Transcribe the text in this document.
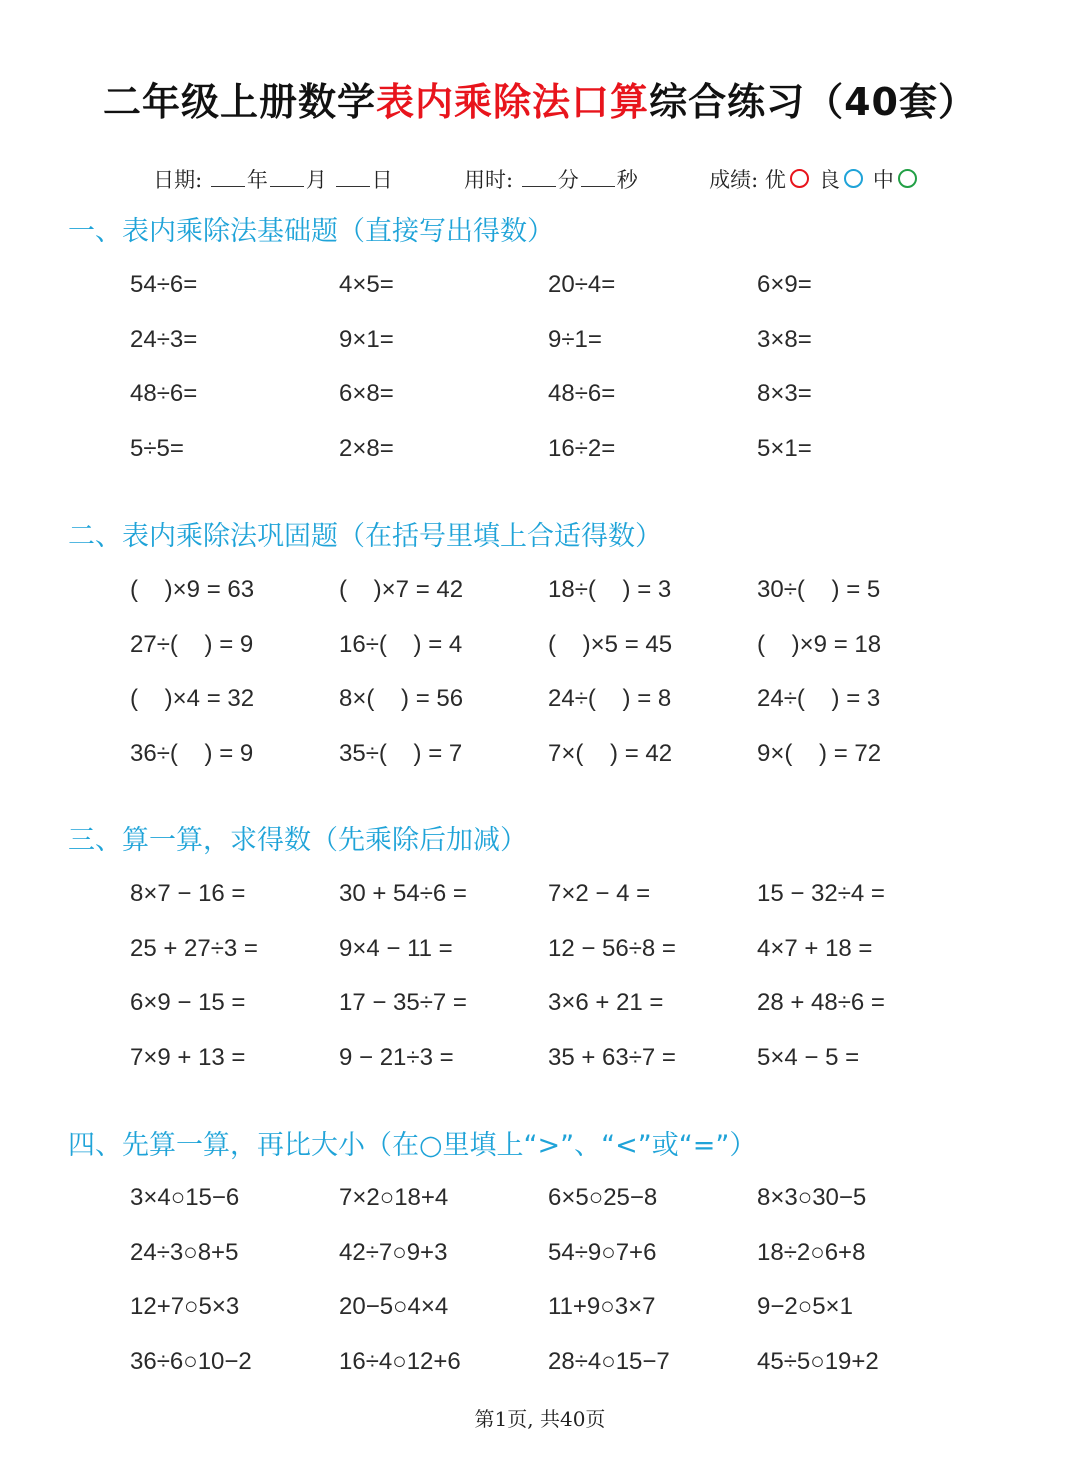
二年级上册数学表内乘除法口算综合练习（40套）
日期: 年 月 日	用时: 分 秒	成绩: 优 良 中
一、表内乘除法基础题（直接写出得数）
54÷6=	4×5=	20÷4=	6×9=
24÷3=	9×1=	9÷1=	3×8=
48÷6=	6×8=	48÷6=	8×3=
5÷5=	2×8=	16÷2=	5×1=
二、表内乘除法巩固题（在括号里填上合适得数）
(    )×9 = 63	(    )×7 = 42	18÷(    ) = 3	30÷(    ) = 5
27÷(    ) = 9	16÷(    ) = 4	(    )×5 = 45	(    )×9 = 18
(    )×4 = 32	8×(    ) = 56	24÷(    ) = 8	24÷(    ) = 3
36÷(    ) = 9	35÷(    ) = 7	7×(    ) = 42	9×(    ) = 72
三、算一算，求得数（先乘除后加减）
8×7 − 16 =	30 + 54÷6 =	7×2 − 4 =	15 − 32÷4 =
25 + 27÷3 =	9×4 − 11 =	12 − 56÷8 =	4×7 + 18 =
6×9 − 15 =	17 − 35÷7 =	3×6 + 21 =	28 + 48÷6 =
7×9 + 13 =	9 − 21÷3 =	35 + 63÷7 =	5×4 − 5 =
四、先算一算，再比大小（在○里填上“>”、“<”或“=”）
3×4○15−6	7×2○18+4	6×5○25−8	8×3○30−5
24÷3○8+5	42÷7○9+3	54÷9○7+6	18÷2○6+8
12+7○5×3	20−5○4×4	11+9○3×7	9−2○5×1
36÷6○10−2	16÷4○12+6	28÷4○15−7	45÷5○19+2
第1页, 共40页
